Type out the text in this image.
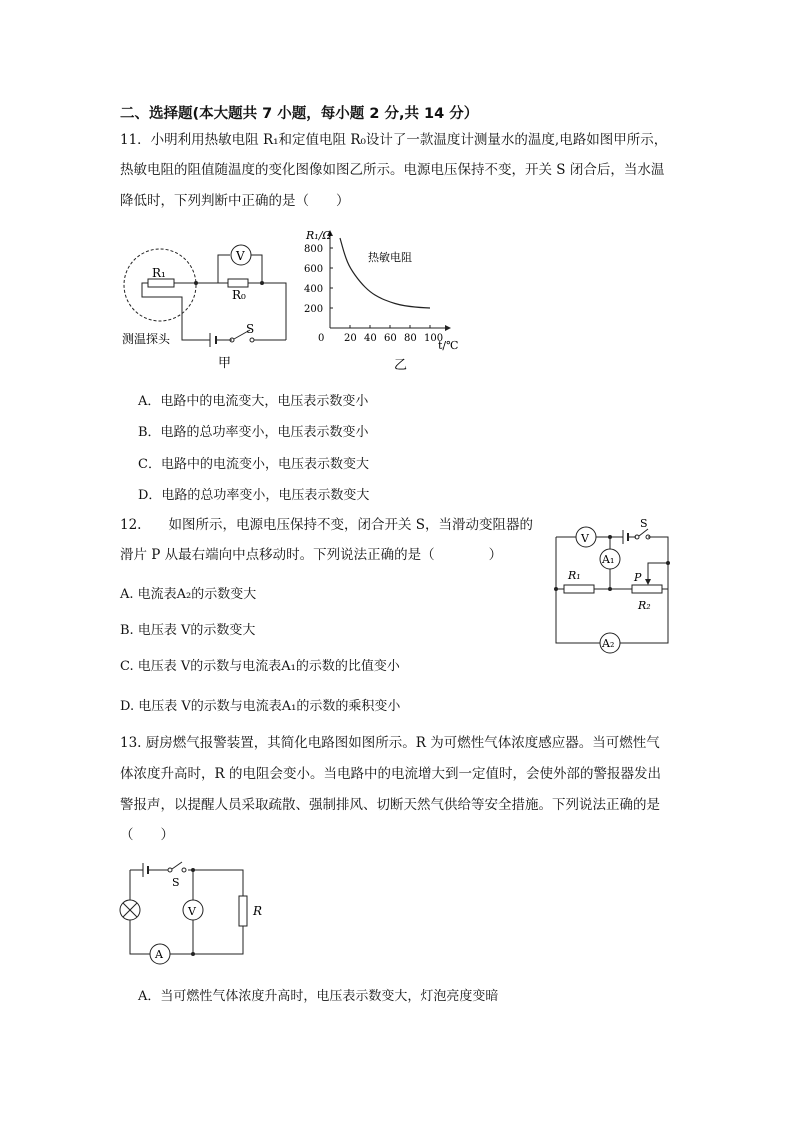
二、选择题(本大题共 7 小题，每小题 2 分,共 14 分）
11．小明利用热敏电阻 R₁和定值电阻 R₀设计了一款温度计测量水的温度,电路如图甲所示，
热敏电阻的阻值随温度的变化图像如图乙所示。电源电压保持不变，开关 S 闭合后，当水温
降低时，下列判断中正确的是（　　）
R₁
R₀
V
S
测温探头
甲
0 20 40 60 80 100
200
400
600
800
R₁/Ω
t/℃
热敏电阻
乙
A．电路中的电流变大，电压表示数变小
B．电路的总功率变小，电压表示数变小
C．电路中的电流变小，电压表示数变大
D．电路的总功率变小，电压表示数变大
12.　　如图所示，电源电压保持不变，闭合开关 S，当滑动变阻器的
滑片 P 从最右端向中点移动时。下列说法正确的是（　　　　）
A₂
V
S
A₁
R₁
R₂
P
A. 电流表A₂的示数变大
B. 电压表 V的示数变大
C. 电压表 V的示数与电流表A₁的示数的比值变小
D. 电压表 V的示数与电流表A₁的示数的乘积变小
13. 厨房燃气报警装置，其简化电路图如图所示。R 为可燃性气体浓度感应器。当可燃性气
体浓度升高时，R 的电阻会变小。当电路中的电流增大到一定值时，会使外部的警报器发出
警报声，以提醒人员采取疏散、强制排风、切断天然气供给等安全措施。下列说法正确的是
（　　）
A
S
V	R
A．当可燃性气体浓度升高时，电压表示数变大，灯泡亮度变暗
